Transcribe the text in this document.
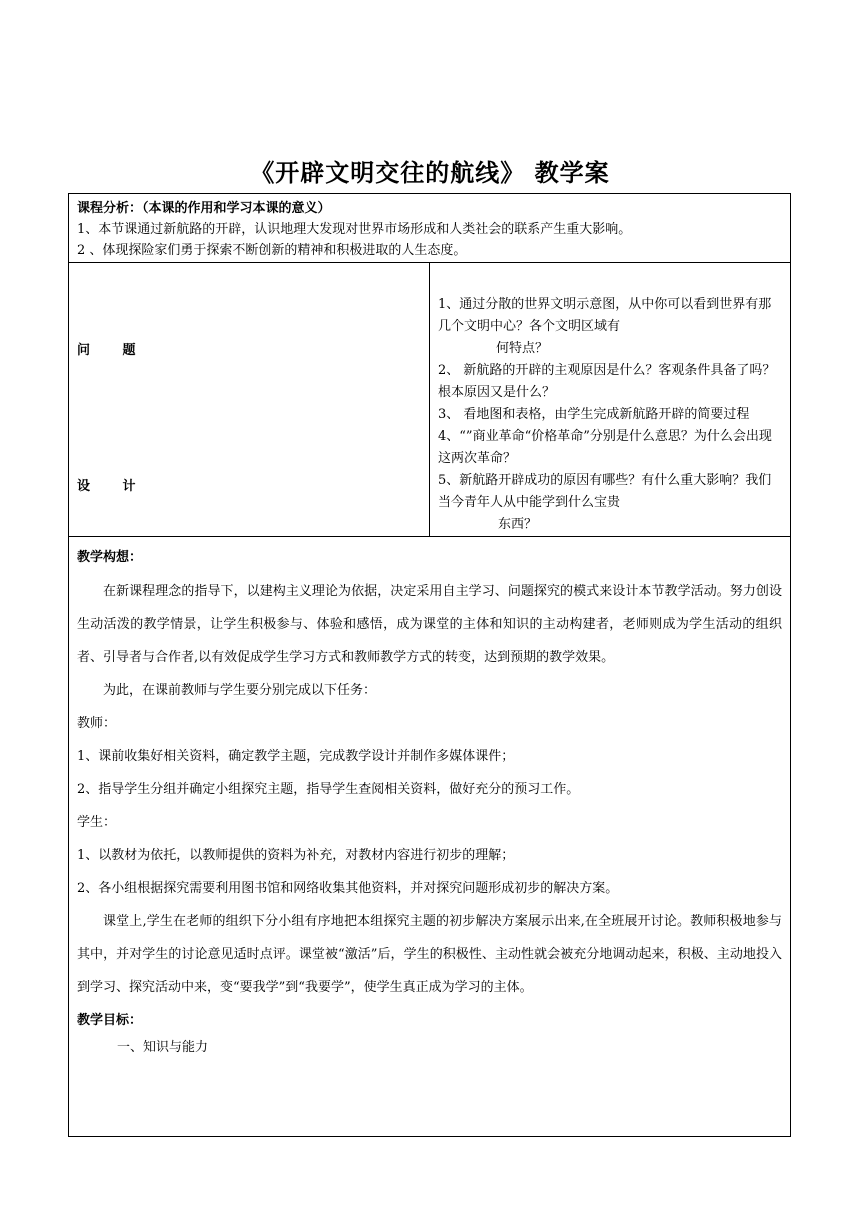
《开辟文明交往的航线》 教学案
课程分析：（本课的作用和学习本课的意义）
1、本节课通过新航路的开辟，认识地理大发现对世界市场形成和人类社会的联系产生重大影响。
2 、体现探险家们勇于探索不断创新的精神和积极进取的人生态度。

问 题
设 计

1、通过分散的世界文明示意图，从中你可以看到世界有那几个文明中心？各个文明区域有
何特点？
2、 新航路的开辟的主观原因是什么？客观条件具备了吗？根本原因又是什么？
3、 看地图和表格，由学生完成新航路开辟的简要过程
4、“”商业革命“价格革命”分别是什么意思？为什么会出现这两次革命？
5、新航路开辟成功的原因有哪些？有什么重大影响？我们当今青年人从中能学到什么宝贵
东西？

教学构想：
在新课程理念的指导下，以建构主义理论为依据，决定采用自主学习、问题探究的模式来设计本节教学活动。努力创设生动活泼的教学情景，让学生积极参与、体验和感悟，成为课堂的主体和知识的主动构建者，老师则成为学生活动的组织者、引导者与合作者,以有效促成学生学习方式和教师教学方式的转变，达到预期的教学效果。
为此，在课前教师与学生要分别完成以下任务：
教师：
1、课前收集好相关资料，确定教学主题，完成教学设计并制作多媒体课件；
2、指导学生分组并确定小组探究主题，指导学生查阅相关资料，做好充分的预习工作。
学生：
1、以教材为依托，以教师提供的资料为补充，对教材内容进行初步的理解；
2、各小组根据探究需要利用图书馆和网络收集其他资料，并对探究问题形成初步的解决方案。
课堂上,学生在老师的组织下分小组有序地把本组探究主题的初步解决方案展示出来,在全班展开讨论。教师积极地参与其中，并对学生的讨论意见适时点评。课堂被“激活”后，学生的积极性、主动性就会被充分地调动起来，积极、主动地投入到学习、探究活动中来，变“要我学”到“我要学”，使学生真正成为学习的主体。
教学目标：
一、知识与能力
